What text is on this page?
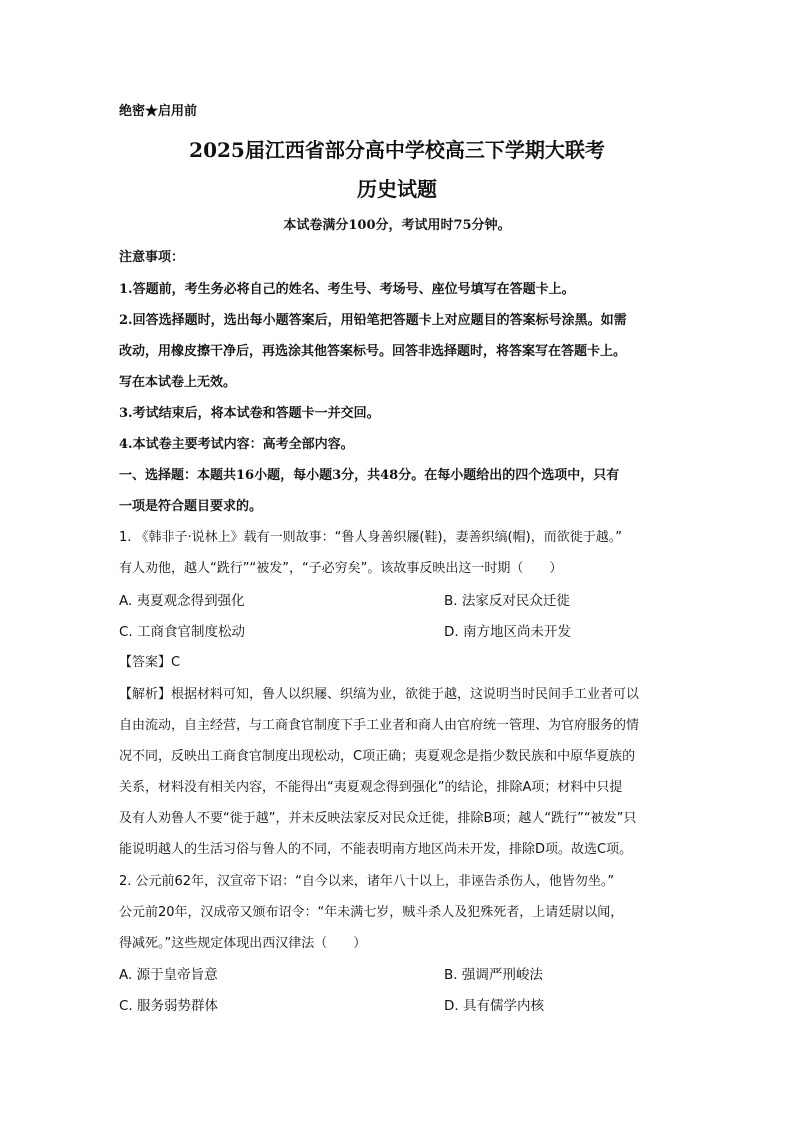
绝密★启用前
2025届江西省部分高中学校高三下学期大联考
历史试题
本试卷满分100分，考试用时75分钟。
注意事项：
1.答题前，考生务必将自己的姓名、考生号、考场号、座位号填写在答题卡上。
2.回答选择题时，选出每小题答案后，用铅笔把答题卡上对应题目的答案标号涂黑。如需
改动，用橡皮擦干净后，再选涂其他答案标号。回答非选择题时，将答案写在答题卡上。
写在本试卷上无效。
3.考试结束后，将本试卷和答题卡一并交回。
4.本试卷主要考试内容：高考全部内容。
一、选择题：本题共16小题，每小题3分，共48分。在每小题给出的四个选项中，只有
一项是符合题目要求的。
1. 《韩非子·说林上》载有一则故事：“鲁人身善织屦(鞋)，妻善织缟(帽)，而欲徙于越。”
有人劝他，越人“跣行”“被发”，“子必穷矣”。该故事反映出这一时期（　　）
A. 夷夏观念得到强化	B. 法家反对民众迁徙
C. 工商食官制度松动	D. 南方地区尚未开发
【答案】C
【解析】根据材料可知，鲁人以织屦、织缟为业，欲徙于越，这说明当时民间手工业者可以
自由流动，自主经营，与工商食官制度下手工业者和商人由官府统一管理、为官府服务的情
况不同，反映出工商食官制度出现松动，C项正确；夷夏观念是指少数民族和中原华夏族的
关系，材料没有相关内容，不能得出“夷夏观念得到强化”的结论，排除A项；材料中只提
及有人劝鲁人不要“徙于越”，并未反映法家反对民众迁徙，排除B项；越人“跣行”“被发”只
能说明越人的生活习俗与鲁人的不同，不能表明南方地区尚未开发，排除D项。故选C项。
2. 公元前62年，汉宣帝下诏：“自今以来，诸年八十以上，非诬告杀伤人，他皆勿坐。”
公元前20年，汉成帝又颁布诏令：“年未满七岁，贼斗杀人及犯殊死者，上请廷尉以闻，
得减死。”这些规定体现出西汉律法（　　）
A. 源于皇帝旨意	B. 强调严刑峻法
C. 服务弱势群体	D. 具有儒学内核
